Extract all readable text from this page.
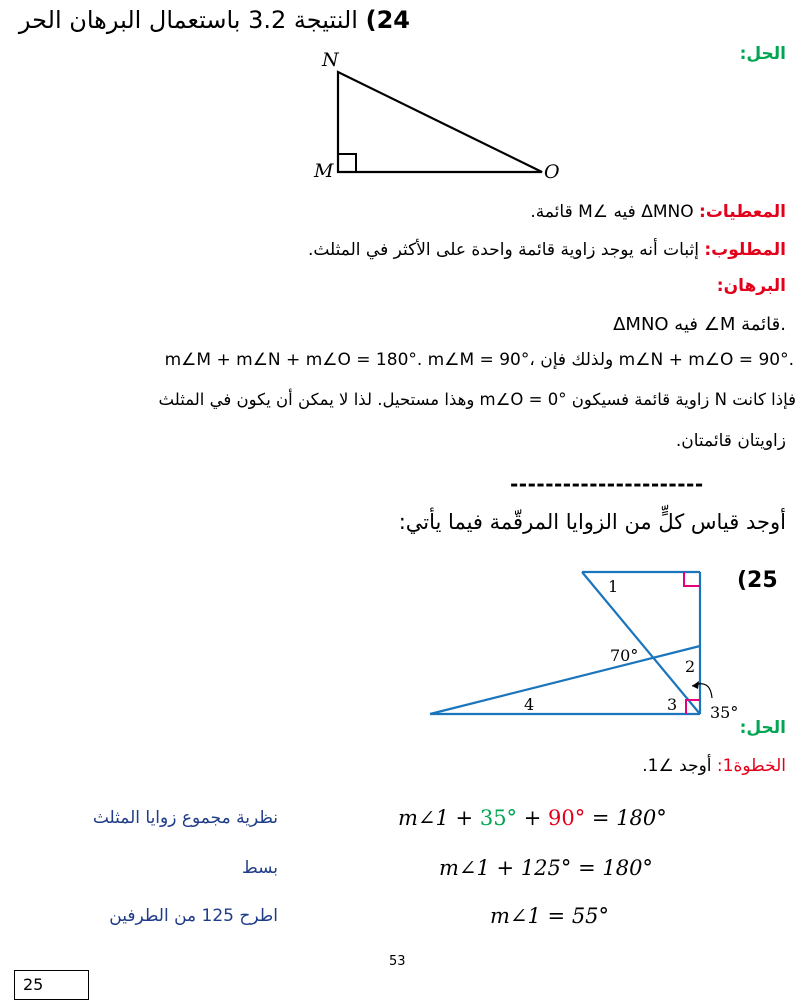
24) النتيجة 3.2 باستعمال البرهان الحر
الحل:
N
M	O
المعطيات: ΔMNO فيه ∠M قائمة.
المطلوب: إثبات أنه يوجد زاوية قائمة واحدة على الأكثر في المثلث.
البرهان:
ΔMNO فيه ∠M قائمة.
m∠M + m∠N + m∠O = 180°. m∠M = 90°، ولذلك فإن m∠N + m∠O = 90°.
فإذا كانت N زاوية قائمة فسيكون m∠O = 0° وهذا مستحيل. لذا لا يمكن أن يكون في المثلث
زاويتان قائمتان.
----------------------
أوجد قياس كلٍّ من الزوايا المرقّمة فيما يأتي:
(25
1
2
3
4
70°
35°
الحل:
الخطوة1: أوجد ∠1.
m∠1 + 35° + 90° = 180°
نظرية مجموع زوايا المثلث
m∠1 + 125° = 180°
بسط
m∠1 = 55°
اطرح 125 من الطرفين
53
25
